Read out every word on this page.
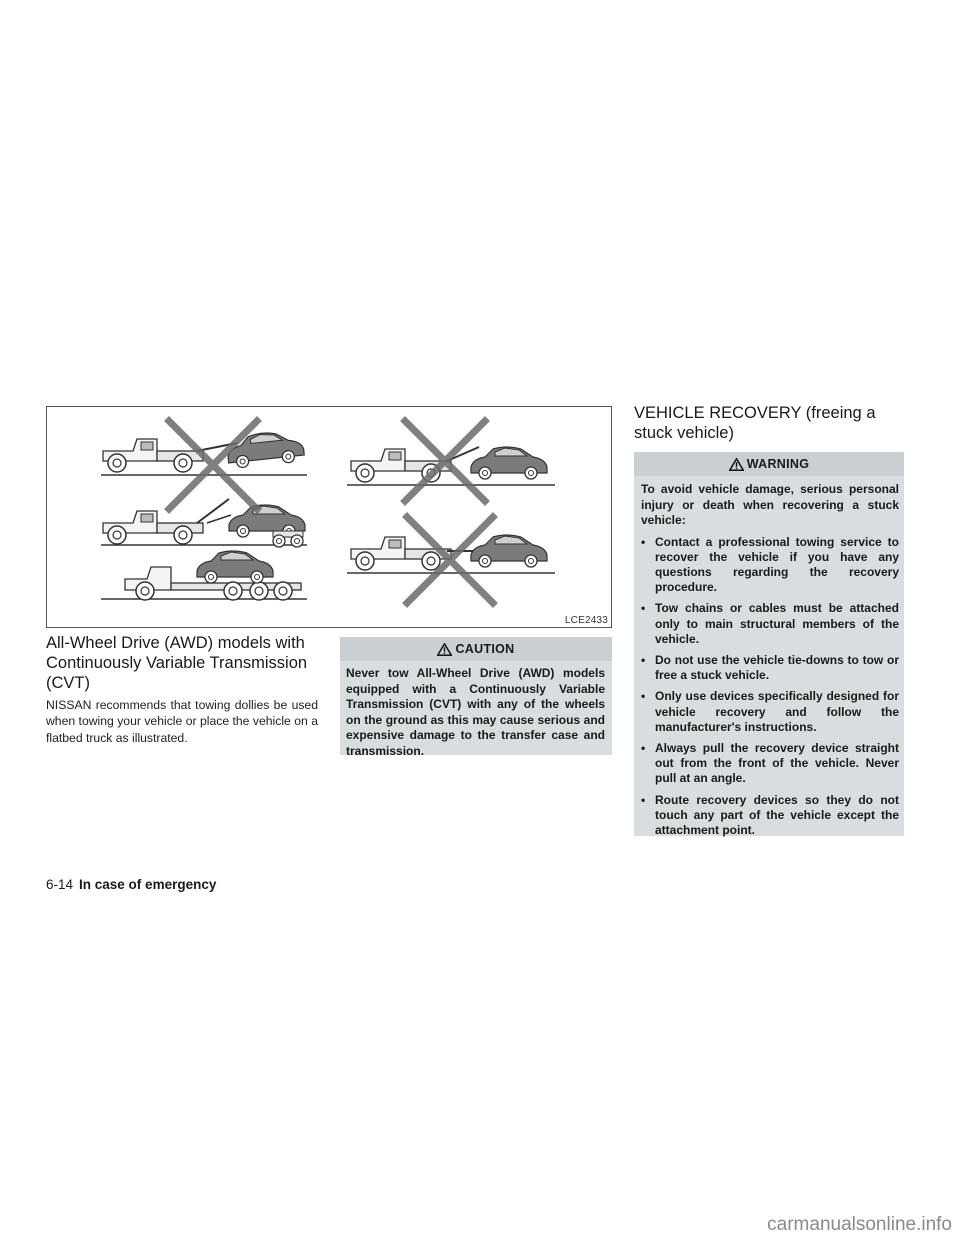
LCE2433
All-Wheel Drive (AWD) models with Continuously Variable Transmission (CVT)

NISSAN recommends that towing dollies be used when towing your vehicle or place the vehicle on a flatbed truck as illustrated.

CAUTION

Never tow All-Wheel Drive (AWD) models equipped with a Continuously Variable Transmission (CVT) with any of the wheels on the ground as this may cause serious and expensive damage to the transfer case and transmission.

VEHICLE RECOVERY (freeing a stuck vehicle)
WARNING

To avoid vehicle damage, serious personal injury or death when recovering a stuck vehicle:

• Contact a professional towing service to recover the vehicle if you have any questions regarding the recovery procedure.
• Tow chains or cables must be attached only to main structural members of the vehicle.
• Do not use the vehicle tie-downs to tow or free a stuck vehicle.
• Only use devices specifically designed for vehicle recovery and follow the manufacturer's instructions.
• Always pull the recovery device straight out from the front of the vehicle. Never pull at an angle.
• Route recovery devices so they do not touch any part of the vehicle except the attachment point.
6-14 In case of emergency
carmanualsonline.info
